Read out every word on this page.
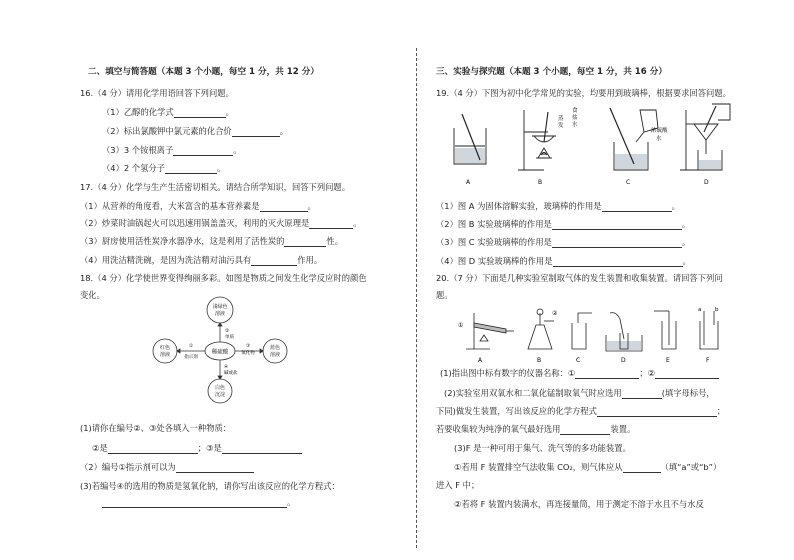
二、填空与简答题（本题 3 个小题，每空 1 分，共 12 分）
16.（4 分）请用化学用语回答下列问题。
（1）乙醇的化学式	。
（2）标出氯酸钾中氯元素的化合价	。
（3）3 个铵根离子	。
（4）2 个氢分子	。
17.（4 分）化学与生产生活密切相关。请结合所学知识，回答下列问题。
（1）从营养的角度看，大米富含的基本营养素是	。
（2）炒菜时油锅起火可以迅速用锅盖盖灭，利用的灭火原理是	。
（3）厨房使用活性炭净水器净水，这是利用了活性炭的	性。
（4）用洗洁精洗碗，是因为洗洁精对油污具有	作用。
18.（4 分）化学使世界变得绚丽多彩。如图是物质之间发生化学反应时的颜色
变化。
稀硫酸
浅绿色
溶液
红色
溶液
蓝色
溶液
白色
沉淀
②
单质
①
指示剂
③
氧化物
④
碱或盐
(1)请你在编号②、③处各填入一种物质：
②是	；③是
（2）编号①指示剂可以为
(3)若编号④的选用的物质是氢氧化钠，请你写出该反应的化学方程式：
。
三、实验与探究题（本题 3 个小题，每空 1 分，共 16 分）
19.（4 分）下图为初中化学常见的实验，均要用到玻璃棒，根据要求回答问题。
蒸
发
食
盐
水
浓硫酸
水
A	B	C	D
（1）图 A 为固体溶解实验，玻璃棒的作用是	。
（2）图 B 实验玻璃棒的作用是	。
（3）图 C 实验玻璃棒的作用是	。
（4）图 D 实验玻璃棒的作用是	。
20.（7 分）下面是几种实验室制取气体的发生装置和收集装置。请回答下列问
题。
①
②	a b
A	B	C	D	E	F
(1)指出图中标有数字的仪器名称：①	；②
(2)实验室用双氧水和二氧化锰制取氧气时应选用	(填字母标号，
下同)做发生装置，写出该反应的化学方程式	；
若要收集较为纯净的氧气最好选用	装置。
(3)F 是一种可用于集气、洗气等的多功能装置。
①若用 F 装置排空气法收集 CO₂，则气体应从	（填“a”或“b”）
进入 F 中；
②若将 F 装置内装满水，再连接量筒，用于测定不溶于水且不与水反
